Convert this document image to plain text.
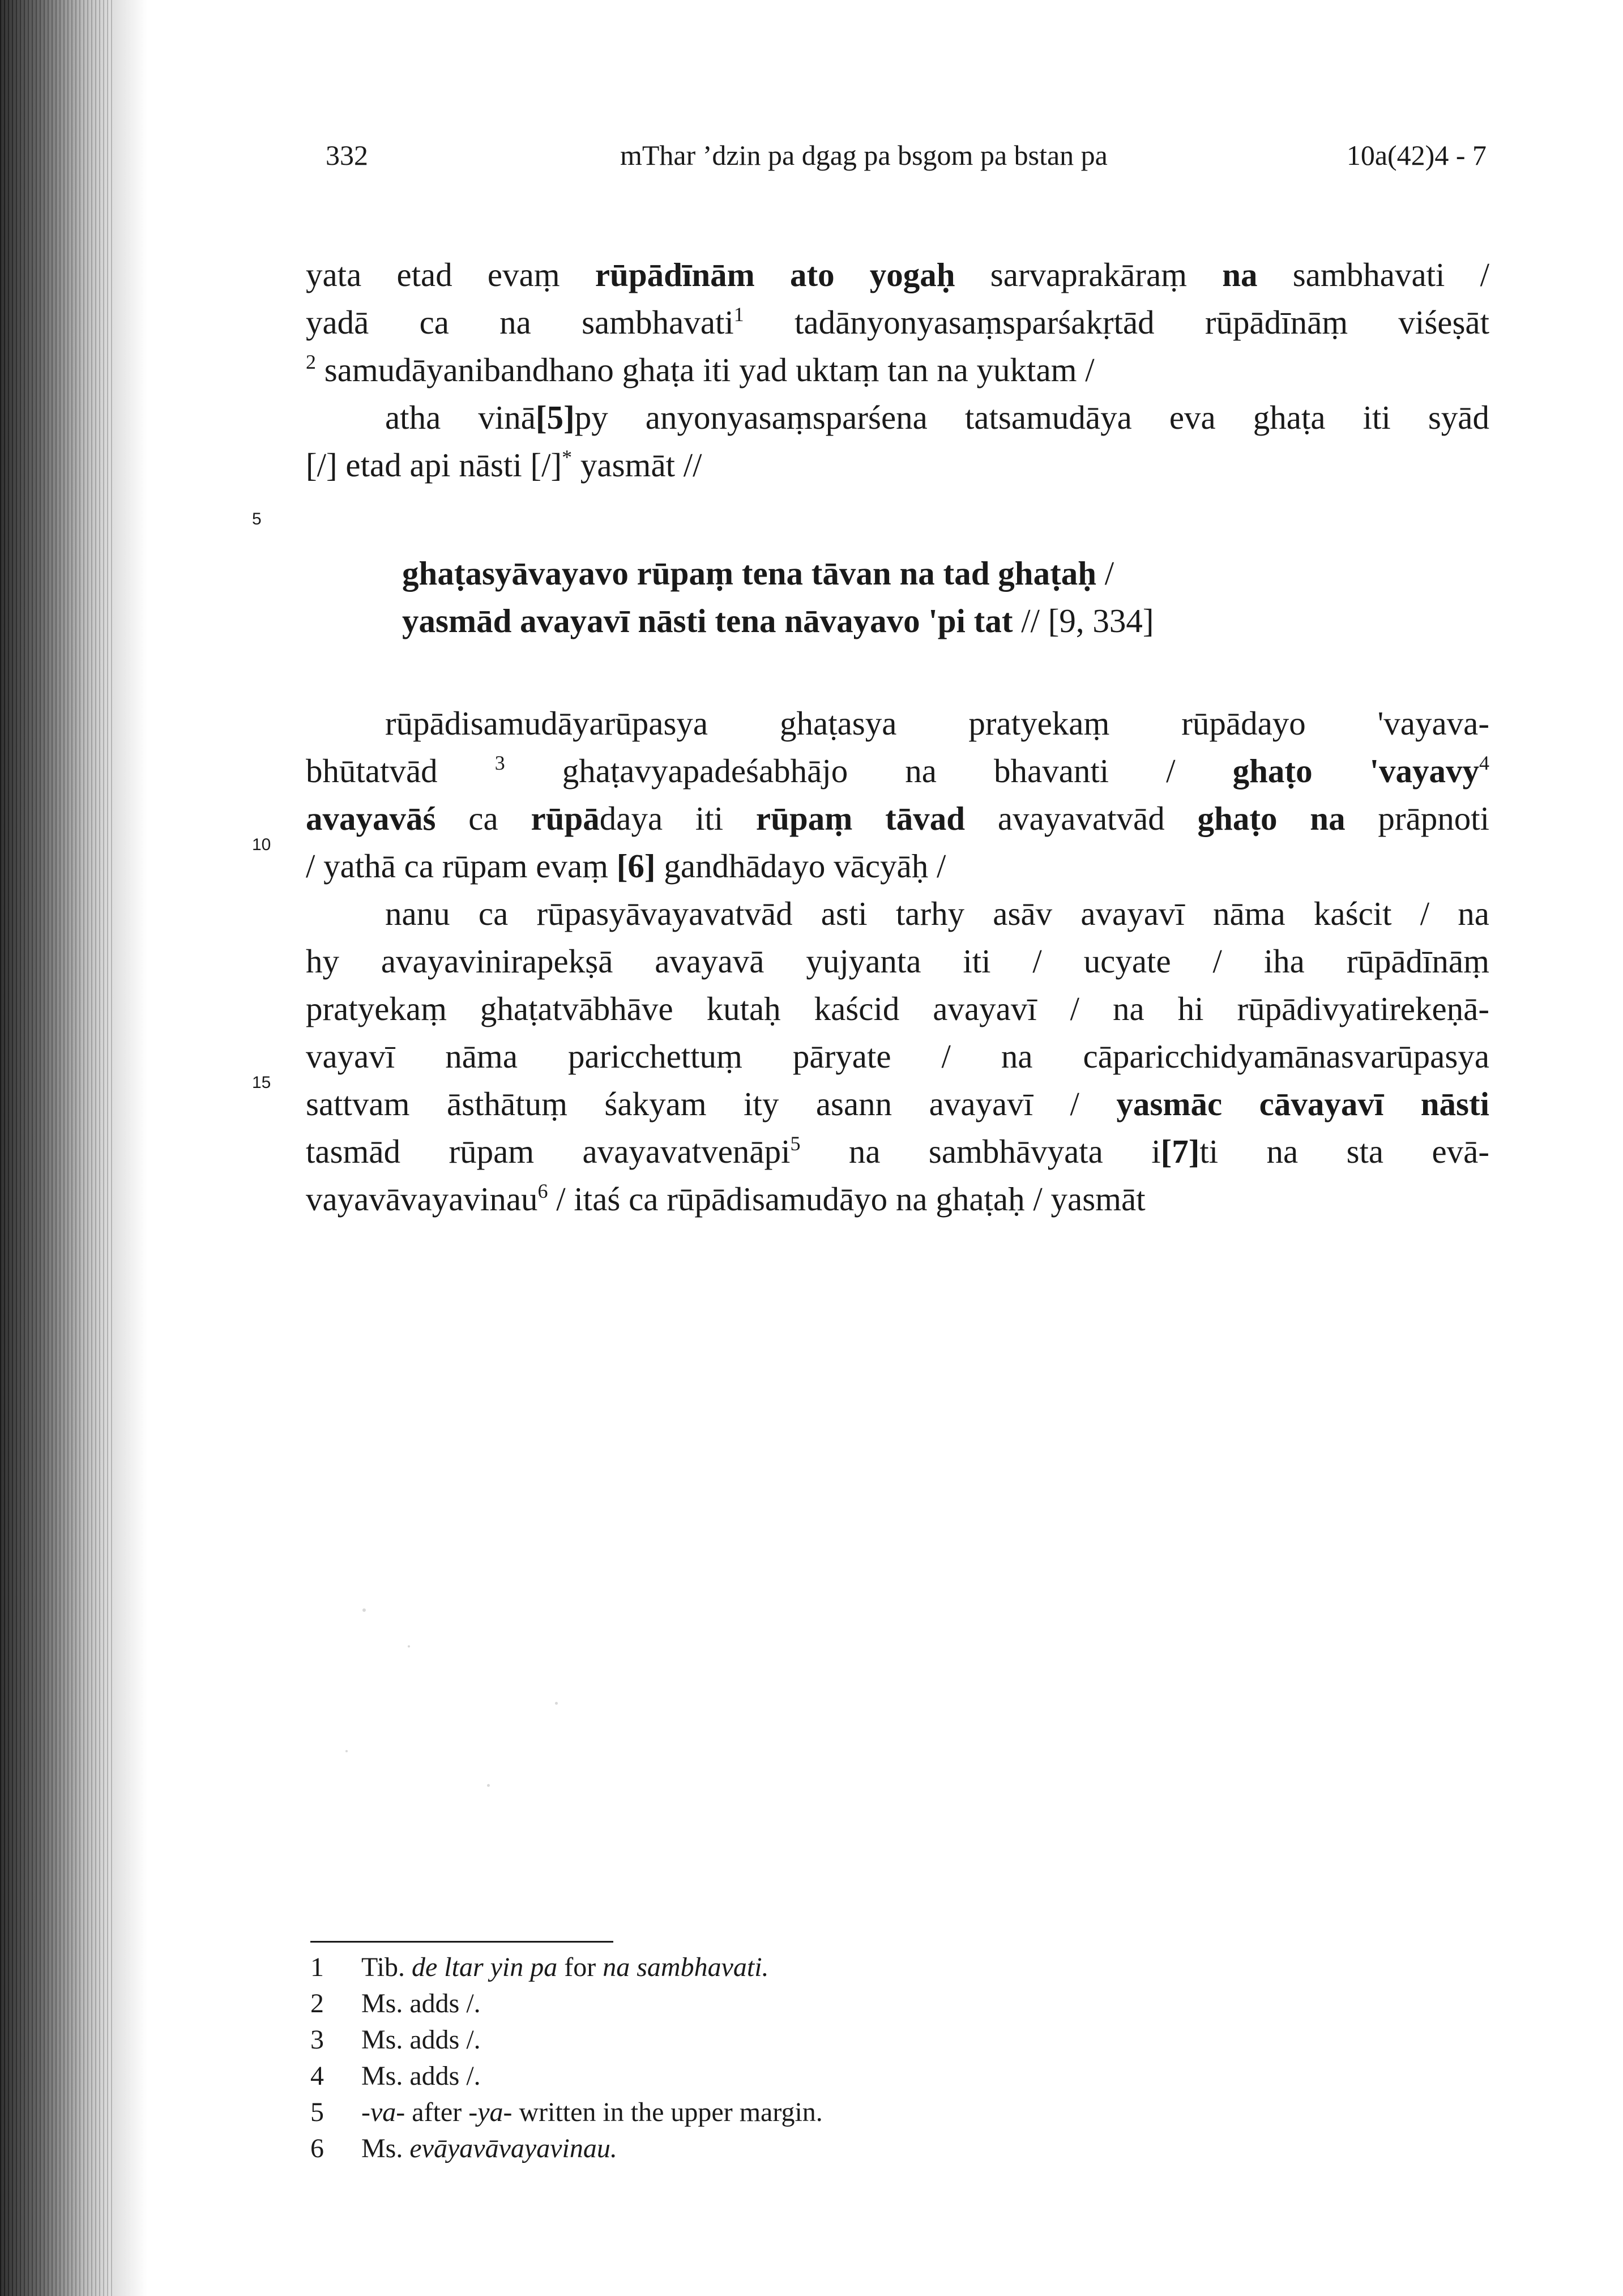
332	mThar ’dzin pa dgag pa bsgom pa bstan pa	10a(42)4 - 7
yata etad evaṃ rūpādīnām ato yogaḥ sarvaprakāraṃ na sambhavati /
yadā ca na sambhavati$^1$ tadānyonyasaṃsparśakṛtād rūpādīnāṃ viśeṣāt
$^2$ samudāyanibandhano ghaṭa iti yad uktaṃ tan na yuktam /
atha vinā[5]py anyonyasaṃsparśena tatsamudāya eva ghaṭa iti syād
[/] etad api nāsti [/]* yasmāt //
5
ghaṭasyāvayavo rūpaṃ tena tāvan na tad ghaṭaḥ /
yasmād avayavī nāsti tena nāvayavo 'pi tat // [9, 334]
rūpādisamudāyarūpasya ghaṭasya pratyekaṃ rūpādayo 'vayava-
bhūtatvād $^3$ ghaṭavyapadeśabhājo na bhavanti / ghaṭo 'vayavy$^4$
avayavāś ca rūpādaya iti rūpaṃ tāvad avayavatvād ghaṭo na prāpnoti
/ yathā ca rūpam evaṃ [6] gandhādayo vācyāḥ /
nanu ca rūpasyāvayavatvād asti tarhy asāv avayavī nāma kaścit / na
hy avayavinirapekṣā avayavā yujyanta iti / ucyate / iha rūpādīnāṃ
pratyekaṃ ghaṭatvābhāve kutaḥ kaścid avayavī / na hi rūpādivyatirekeṇā-
vayavī nāma paricchettuṃ pāryate / na cāparicchidyamānasvarūpasya
sattvam āsthātuṃ śakyam ity asann avayavī / yasmāc cāvayavī nāsti
tasmād rūpam avayavatvenāpi$^5$ na sambhāvyata i[7]ti na sta evā-
vayavāvayavinau$^6$ / itaś ca rūpādisamudāyo na ghaṭaḥ / yasmāt
10
15
1 Tib. de ltar yin pa for na sambhavati.
2 Ms. adds /.
3 Ms. adds /.
4 Ms. adds /.
5 -va- after -ya- written in the upper margin.
6 Ms. evāyavāvayavinau.
